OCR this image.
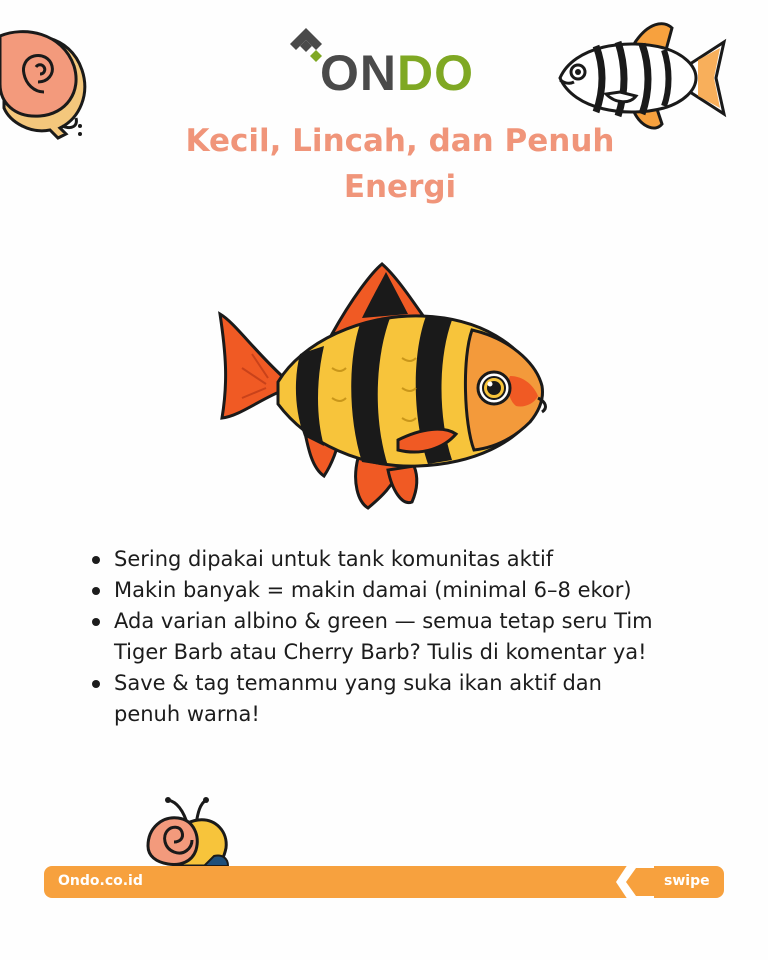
ONDO
Kecil, Lincah, dan Penuh
Energi
Sering dipakai untuk tank komunitas aktif
Makin banyak = makin damai (minimal 6–8 ekor)
Ada varian albino & green — semua tetap seru Tim Tiger Barb atau Cherry Barb? Tulis di komentar ya!
Save & tag temanmu yang suka ikan aktif dan penuh warna!
Ondo.co.id	swipe
